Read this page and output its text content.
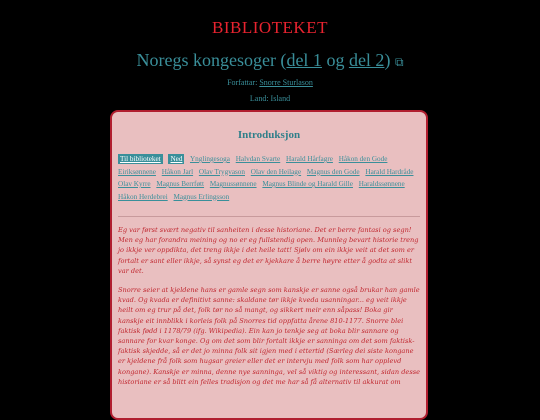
BIBLIOTEKET
Noregs kongesoger (del 1 og del 2) ⧉
Forfattar: Snorre Sturlason
Land: Island
Introduksjon
Til biblioteket Ned Ynglingesoga Halvdan Svarte Harald Hårfagre Håkon den Gode Eiriksønnene Håkon Jarl Olav Trygvason Olav den Heilage Magnus den Gode Harald Hardråde Olav Kyrre Magnus Berrføtt Magnussønnene Magnus Blinde og Harald Gille Haraldssønnene Håkon Herdebrei Magnus Erlingsson
Eg var først svært negativ til sanheiten i desse historiane. Det er berre fantasi og segn! Men eg har forandra meining og no er eg fullstendig open. Munnleg bevart historie treng jo ikkje ver oppdikta, det treng ikkje i det heile tatt! Sjølv om ein ikkje veit at det som er fortalt er sant eller ikkje, så synst eg det er kjekkare å berre høyre etter å godta at slikt var det.
Snorre seier at kjeldene hans er gamle segn som kanskje er sanne også brukar han gamle kvad. Og kvada er definitivt sanne: skaldane tør ikkje kveda usanningar... eg veit ikkje heilt om eg trur på det, folk tør no så mangt, og sikkert meir enn såpass! Boka gir kanskje eit innblikk i korleis folk på Snorres tid oppfatta årene 810-1177. Snorre blei faktisk fødd i 1178/79 (ifg. Wikipedia). Ein kan jo tenkje seg at boka blir sannare og sannare for kvar konge. Og om det som blir fortalt ikkje er sanninga om det som faktisk-faktisk skjedde, så er det jo minna folk sit igjen med i ettertid (Særleg dei siste kongane er kjeldene frå folk som hugsar greier eller det er intervju med folk som har opplevd kongane). Kanskje er minna, denne nye sanninga, vel så viktig og interessant, sidan desse historiane er så blitt ein felles tradisjon og det me har så få alternativ til akkurat om
